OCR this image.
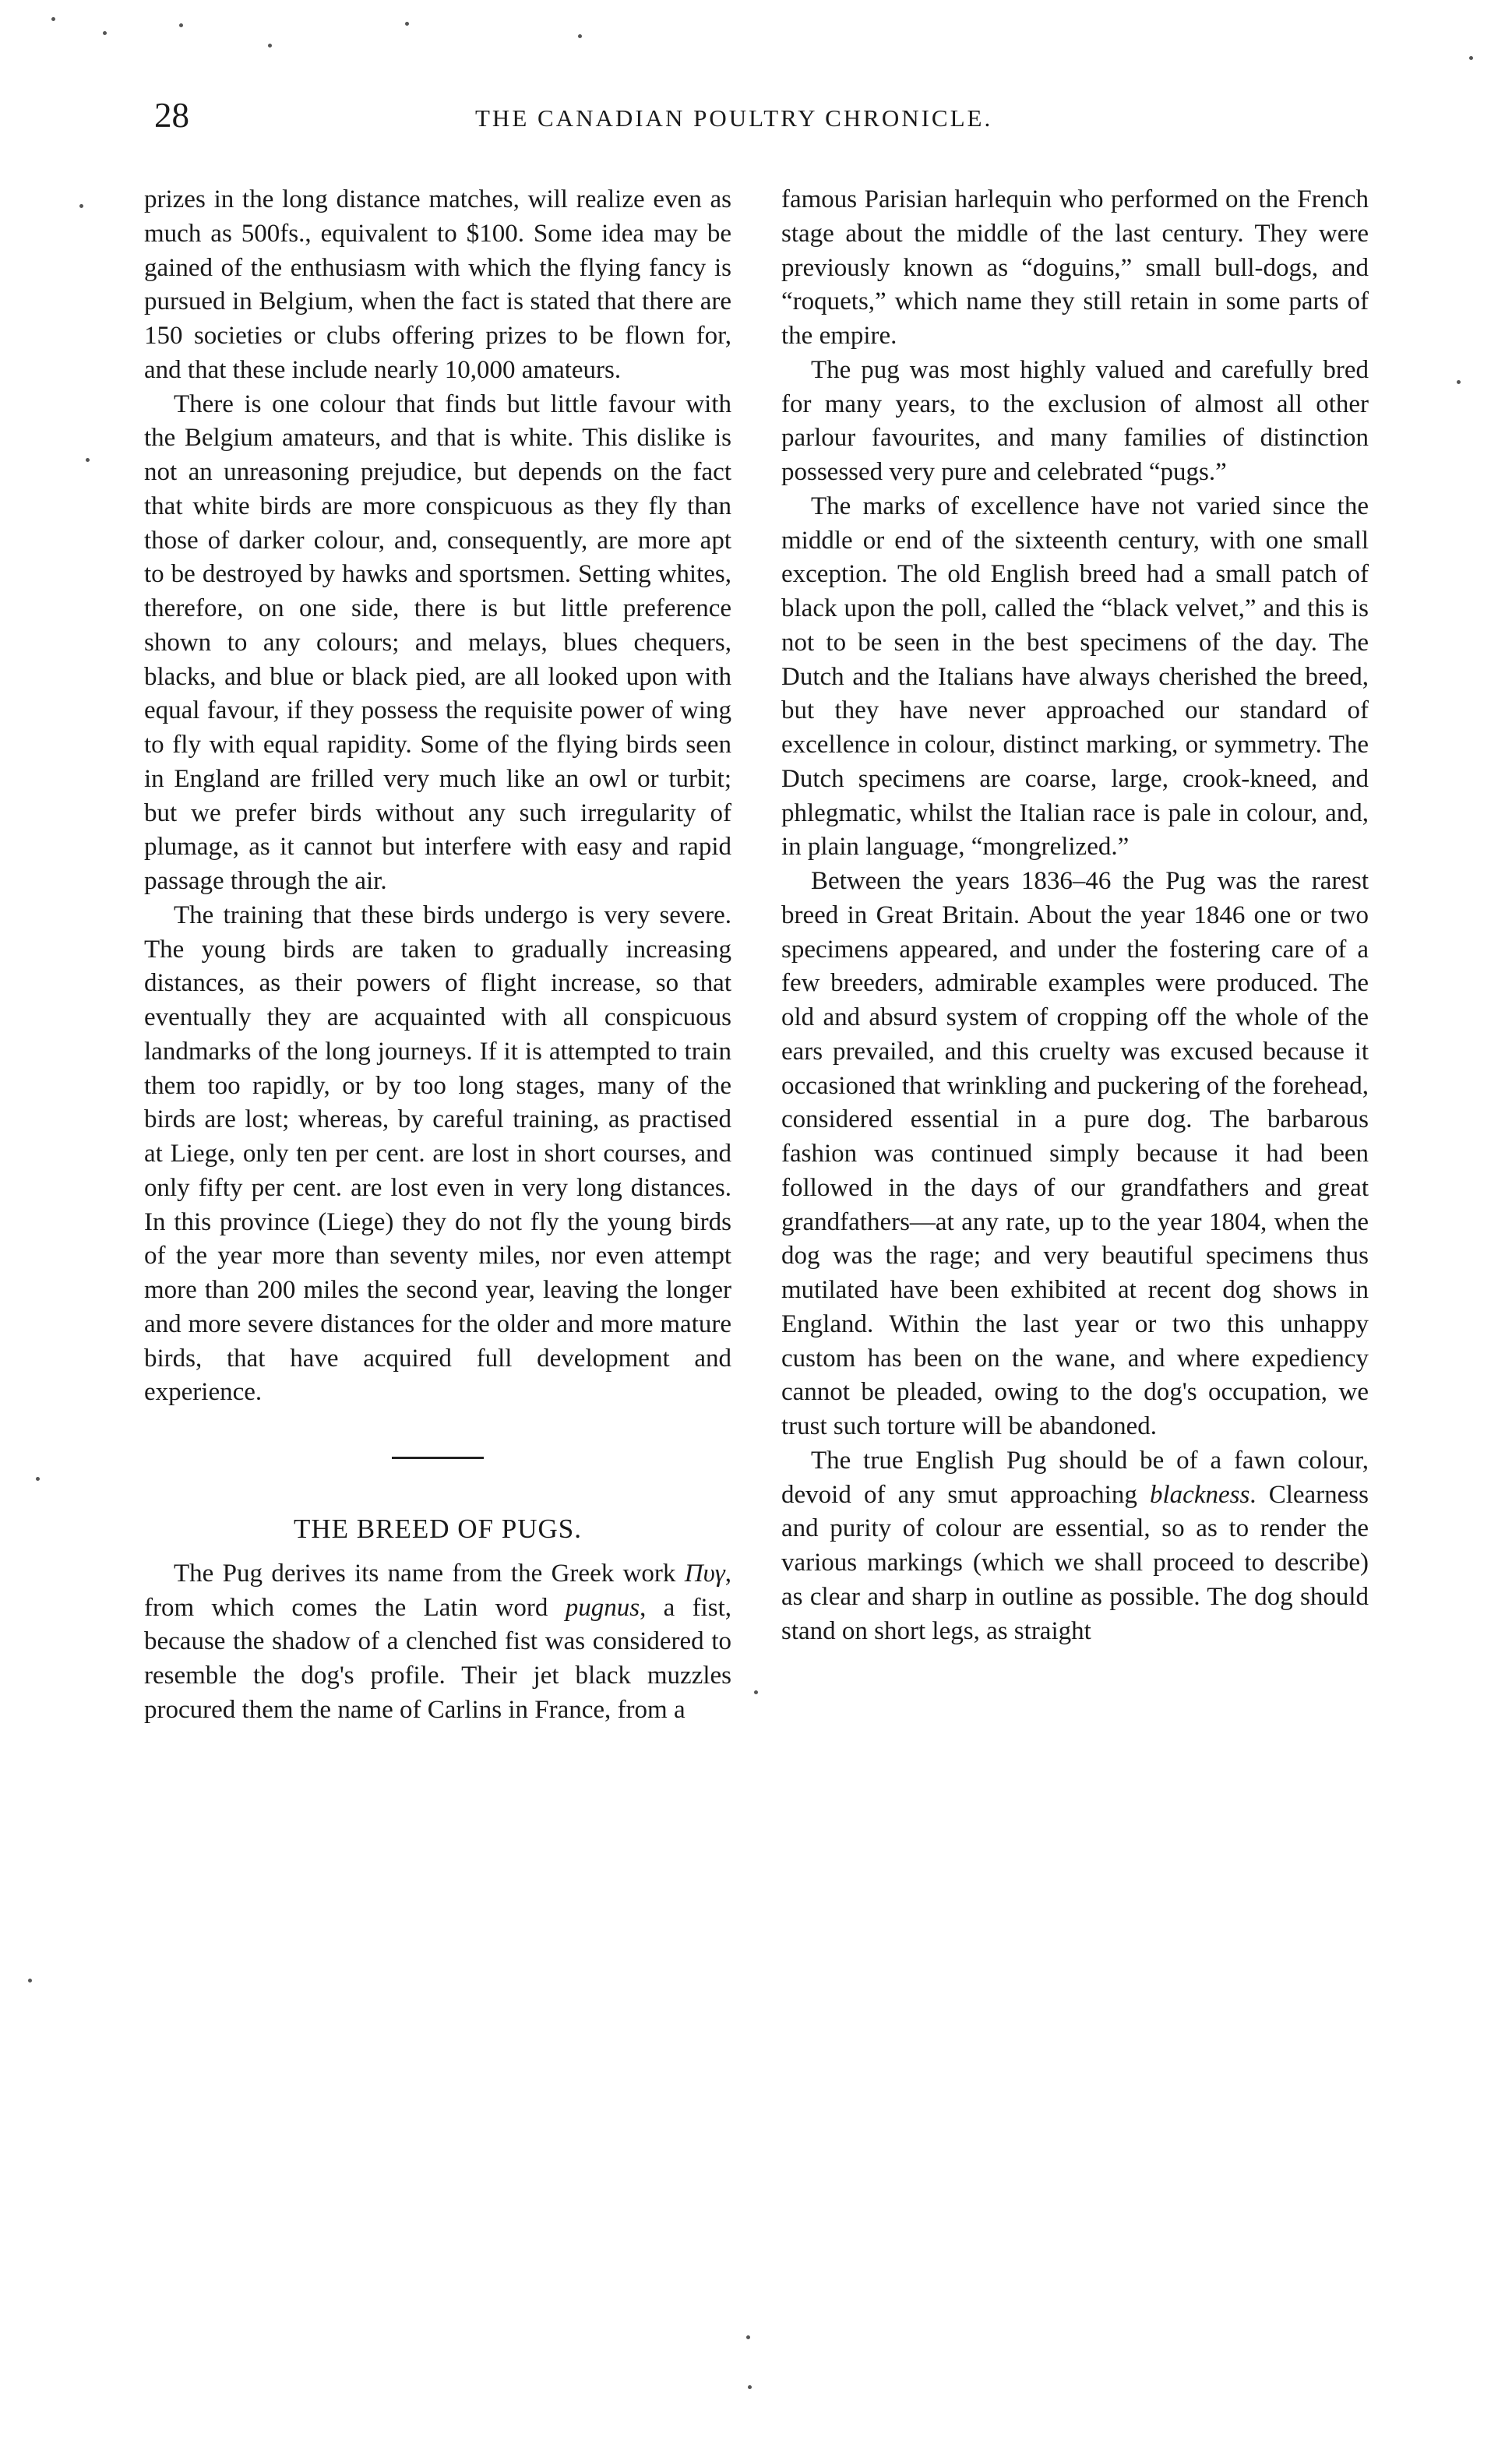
28	THE CANADIAN POULTRY CHRONICLE.

prizes in the long distance matches, will realize even as much as 500fs., equivalent to $100. Some idea may be gained of the enthusiasm with which the flying fancy is pursued in Belgium, when the fact is stated that there are 150 societies or clubs offering prizes to be flown for, and that these include nearly 10,000 amateurs.

There is one colour that finds but little favour with the Belgium amateurs, and that is white. This dislike is not an unreasoning prejudice, but depends on the fact that white birds are more conspicuous as they fly than those of darker colour, and, consequently, are more apt to be destroyed by hawks and sportsmen. Setting whites, therefore, on one side, there is but little preference shown to any colours; and melays, blues chequers, blacks, and blue or black pied, are all looked upon with equal favour, if they possess the requisite power of wing to fly with equal rapidity. Some of the flying birds seen in England are frilled very much like an owl or turbit; but we prefer birds without any such irregularity of plumage, as it cannot but interfere with easy and rapid passage through the air.

The training that these birds undergo is very severe. The young birds are taken to gradually increasing distances, as their powers of flight increase, so that eventually they are acquainted with all conspicuous landmarks of the long journeys. If it is attempted to train them too rapidly, or by too long stages, many of the birds are lost; whereas, by careful training, as practised at Liege, only ten per cent. are lost in short courses, and only fifty per cent. are lost even in very long distances. In this province (Liege) they do not fly the young birds of the year more than seventy miles, nor even attempt more than 200 miles the second year, leaving the longer and more severe distances for the older and more mature birds, that have acquired full development and experience.

THE BREED OF PUGS.

The Pug derives its name from the Greek work Πυγ, from which comes the Latin word pugnus, a fist, because the shadow of a clenched fist was considered to resemble the dog's profile. Their jet black muzzles procured them the name of Carlins in France, from a

famous Parisian harlequin who performed on the French stage about the middle of the last century. They were previously known as “doguins,” small bull-dogs, and “roquets,” which name they still retain in some parts of the empire.

The pug was most highly valued and carefully bred for many years, to the exclusion of almost all other parlour favourites, and many families of distinction possessed very pure and celebrated “pugs.”

The marks of excellence have not varied since the middle or end of the sixteenth century, with one small exception. The old English breed had a small patch of black upon the poll, called the “black velvet,” and this is not to be seen in the best specimens of the day. The Dutch and the Italians have always cherished the breed, but they have never approached our standard of excellence in colour, distinct marking, or symmetry. The Dutch specimens are coarse, large, crook-kneed, and phlegmatic, whilst the Italian race is pale in colour, and, in plain language, “mongrelized.”

Between the years 1836–46 the Pug was the rarest breed in Great Britain. About the year 1846 one or two specimens appeared, and under the fostering care of a few breeders, admirable examples were produced. The old and absurd system of cropping off the whole of the ears prevailed, and this cruelty was excused because it occasioned that wrinkling and puckering of the forehead, considered essential in a pure dog. The barbarous fashion was continued simply because it had been followed in the days of our grandfathers and great grandfathers—at any rate, up to the year 1804, when the dog was the rage; and very beautiful specimens thus mutilated have been exhibited at recent dog shows in England. Within the last year or two this unhappy custom has been on the wane, and where expediency cannot be pleaded, owing to the dog's occupation, we trust such torture will be abandoned.

The true English Pug should be of a fawn colour, devoid of any smut approaching blackness. Clearness and purity of colour are essential, so as to render the various markings (which we shall proceed to describe) as clear and sharp in outline as possible. The dog should stand on short legs, as straight
